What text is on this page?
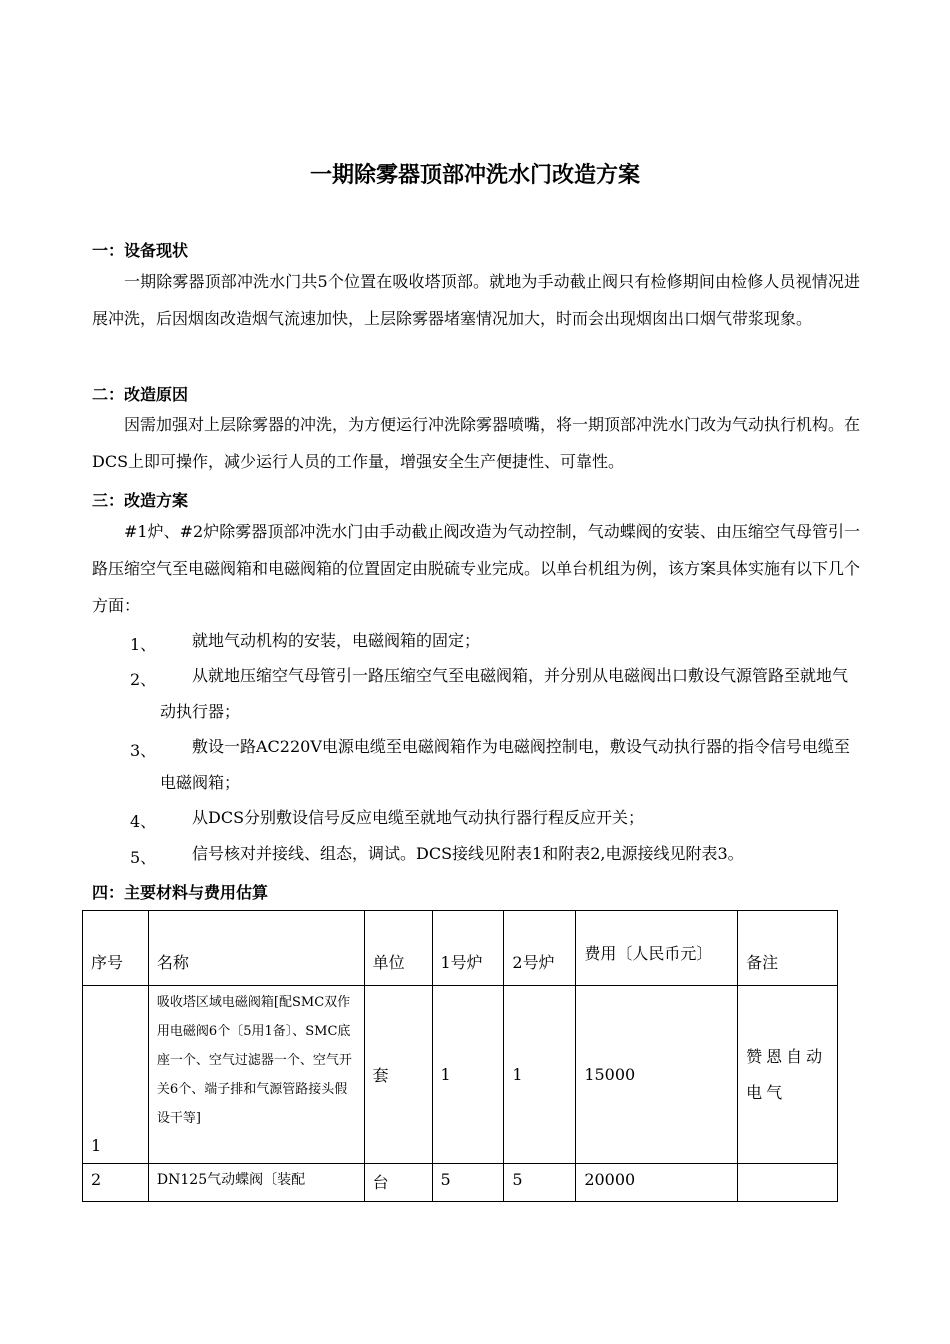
一期除雾器顶部冲洗水门改造方案
一：设备现状
一期除雾器顶部冲洗水门共5个位置在吸收塔顶部。就地为手动截止阀只有检修期间由检修人员视情况进展冲洗，后因烟囱改造烟气流速加快，上层除雾器堵塞情况加大，时而会出现烟囱出口烟气带浆现象。
二：改造原因
因需加强对上层除雾器的冲洗，为方便运行冲洗除雾器喷嘴，将一期顶部冲洗水门改为气动执行机构。在DCS上即可操作，减少运行人员的工作量，增强安全生产便捷性、可靠性。
三：改造方案
#1炉、#2炉除雾器顶部冲洗水门由手动截止阀改造为气动控制，气动蝶阀的安装、由压缩空气母管引一路压缩空气至电磁阀箱和电磁阀箱的位置固定由脱硫专业完成。以单台机组为例，该方案具体实施有以下几个方面：
1、	就地气动机构的安装，电磁阀箱的固定；
2、	从就地压缩空气母管引一路压缩空气至电磁阀箱，并分别从电磁阀出口敷设气源管路至就地气动执行器；
3、	敷设一路AC220V电源电缆至电磁阀箱作为电磁阀控制电，敷设气动执行器的指令信号电缆至电磁阀箱；
4、	从DCS分别敷设信号反应电缆至就地气动执行器行程反应开关；
5、	信号核对并接线、组态，调试。DCS接线见附表1和附表2,电源接线见附表3。
四：主要材料与费用估算
序号	名称	单位	1号炉	2号炉	费用〔人民币元〕	备注
1	吸收塔区域电磁阀箱[配SMC双作用电磁阀6个〔5用1备〕、SMC底座一个、空气过滤器一个、空气开关6个、端子排和气源管路接头假设干等]	套	1	1	15000	赞恩自动电气
2	DN125气动蝶阀〔装配	台	5	5	20000	
